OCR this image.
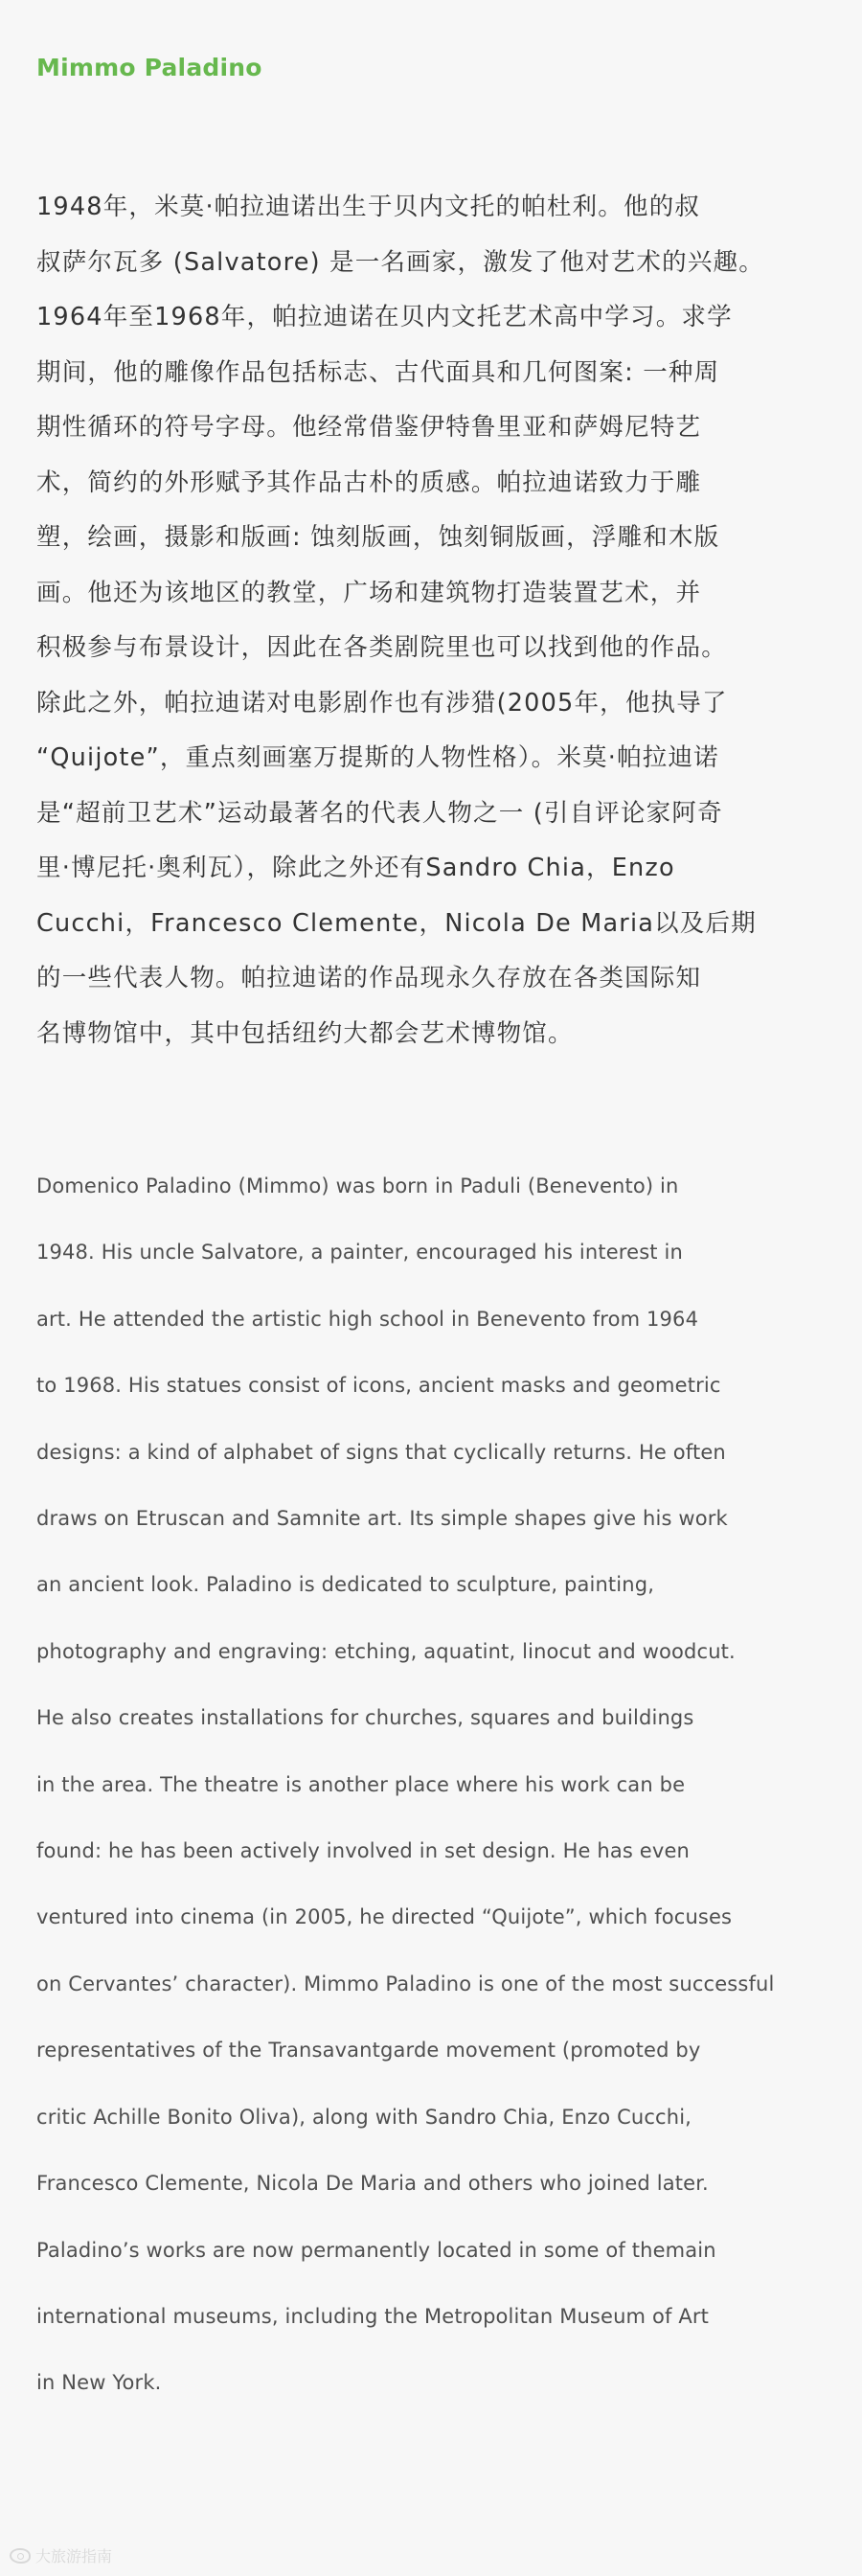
Mimmo Paladino

1948年，米莫·帕拉迪诺出生于贝内文托的帕杜利。他的叔
叔萨尔瓦多 (Salvatore) 是一名画家，激发了他对艺术的兴趣。
1964年至1968年，帕拉迪诺在贝内文托艺术高中学习。求学
期间，他的雕像作品包括标志、古代面具和几何图案: 一种周
期性循环的符号字母。他经常借鉴伊特鲁里亚和萨姆尼特艺
术，简约的外形赋予其作品古朴的质感。帕拉迪诺致力于雕
塑，绘画，摄影和版画: 蚀刻版画，蚀刻铜版画，浮雕和木版
画。他还为该地区的教堂，广场和建筑物打造装置艺术，并
积极参与布景设计，因此在各类剧院里也可以找到他的作品。
除此之外，帕拉迪诺对电影剧作也有涉猎(2005年，他执导了
“Quijote”，重点刻画塞万提斯的人物性格）。米莫·帕拉迪诺
是“超前卫艺术”运动最著名的代表人物之一 (引自评论家阿奇
里·博尼托·奥利瓦），除此之外还有Sandro Chia，Enzo
Cucchi，Francesco Clemente，Nicola De Maria以及后期
的一些代表人物。帕拉迪诺的作品现永久存放在各类国际知
名博物馆中，其中包括纽约大都会艺术博物馆。

Domenico Paladino (Mimmo) was born in Paduli (Benevento) in
1948. His uncle Salvatore, a painter, encouraged his interest in
art. He attended the artistic high school in Benevento from 1964
to 1968. His statues consist of icons, ancient masks and geometric
designs: a kind of alphabet of signs that cyclically returns. He often
draws on Etruscan and Samnite art. Its simple shapes give his work
an ancient look. Paladino is dedicated to sculpture, painting,
photography and engraving: etching, aquatint, linocut and woodcut.
He also creates installations for churches, squares and buildings
in the area. The theatre is another place where his work can be
found: he has been actively involved in set design. He has even
ventured into cinema (in 2005, he directed “Quijote”, which focuses
on Cervantes’ character). Mimmo Paladino is one of the most successful
representatives of the Transavantgarde movement (promoted by
critic Achille Bonito Oliva), along with Sandro Chia, Enzo Cucchi,
Francesco Clemente, Nicola De Maria and others who joined later.
Paladino’s works are now permanently located in some of themain
international museums, including the Metropolitan Museum of Art
in New York.

大旅游指南
